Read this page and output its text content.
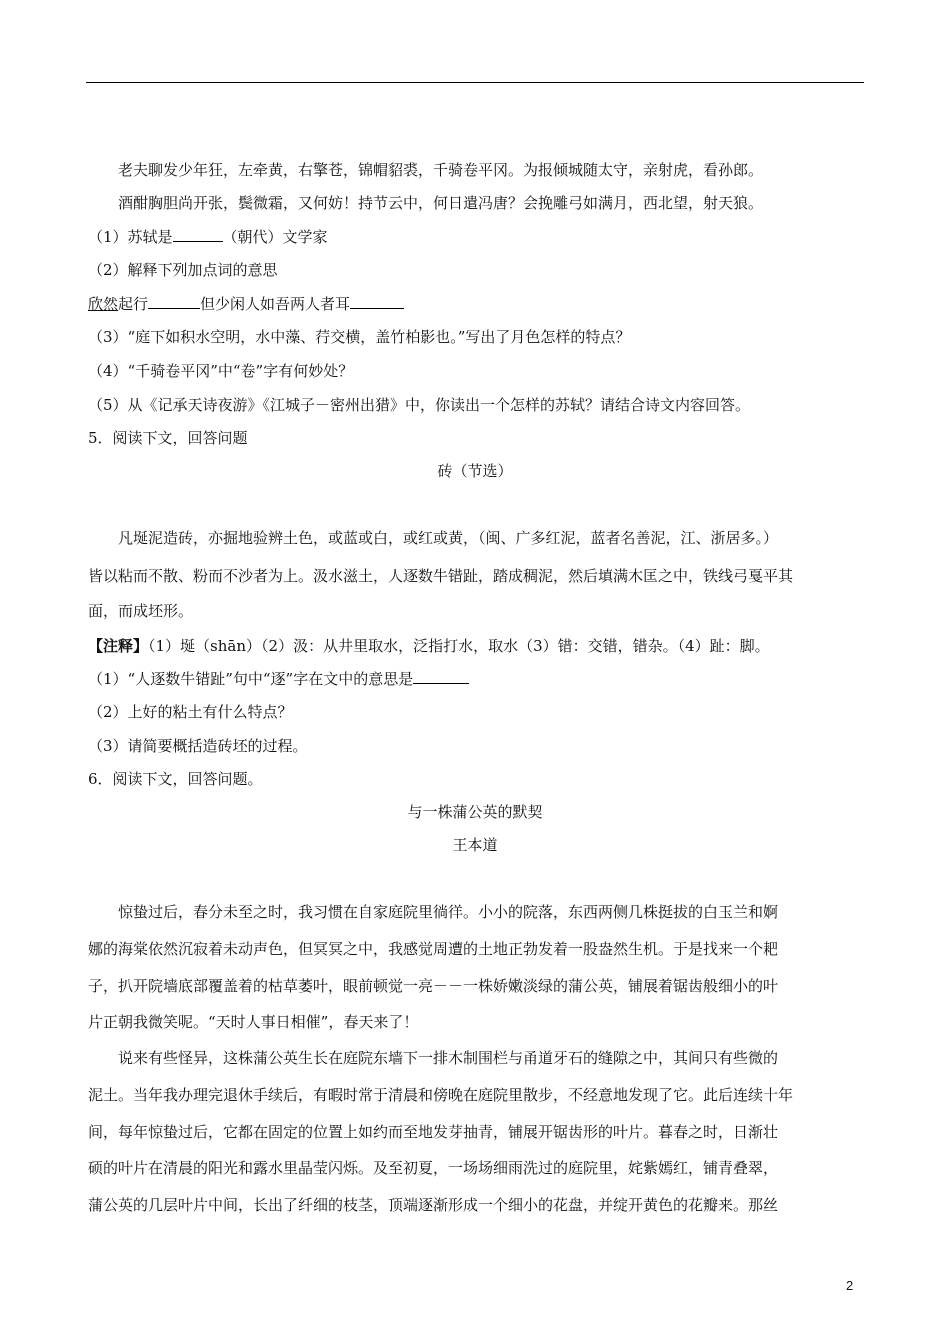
老夫聊发少年狂，左牵黄，右擎苍，锦帽貂裘，千骑卷平冈。为报倾城随太守，亲射虎，看孙郎。
酒酣胸胆尚开张，鬓微霜，又何妨！持节云中，何日遣冯唐？会挽雕弓如满月，西北望，射天狼。
（1）苏轼是	（朝代）文学家
（2）解释下列加点词的意思
欣然起行	但少闲人如吾两人者耳
（3）“庭下如积水空明，水中藻、荇交横，盖竹柏影也。”写出了月色怎样的特点？
（4）“千骑卷平冈”中“卷”字有何妙处？
（5）从《记承天诗夜游》《江城子－密州出猎》中，你读出一个怎样的苏轼？请结合诗文内容回答。
5．阅读下文，回答问题
砖（节选）
凡埏泥造砖，亦掘地验辨土色，或蓝或白，或红或黄，（闽、广多红泥，蓝者名善泥，江、浙居多。）
皆以粘而不散、粉而不沙者为上。汲水滋土，人逐数牛错趾，踏成稠泥，然后填满木匡之中，铁线弓戛平其
面，而成坯形。
【注释】（1）埏（shān）（2）汲：从井里取水，泛指打水，取水（3）错：交错，错杂。（4）趾：脚。
（1）“人逐数牛错趾”句中“逐”字在文中的意思是
（2）上好的粘土有什么特点？
（3）请简要概括造砖坯的过程。
6．阅读下文，回答问题。
与一株蒲公英的默契
王本道
惊蛰过后，春分未至之时，我习惯在自家庭院里徜徉。小小的院落，东西两侧几株挺拔的白玉兰和婀
娜的海棠依然沉寂着未动声色，但冥冥之中，我感觉周遭的土地正勃发着一股盎然生机。于是找来一个耙
子，扒开院墙底部覆盖着的枯草萎叶，眼前顿觉一亮－－一株娇嫩淡绿的蒲公英，铺展着锯齿般细小的叶
片正朝我微笑呢。“天时人事日相催”，春天来了！
说来有些怪异，这株蒲公英生长在庭院东墙下一排木制围栏与甬道牙石的缝隙之中，其间只有些微的
泥土。当年我办理完退休手续后，有暇时常于清晨和傍晚在庭院里散步，不经意地发现了它。此后连续十年
间，每年惊蛰过后，它都在固定的位置上如约而至地发芽抽青，铺展开锯齿形的叶片。暮春之时，日渐壮
硕的叶片在清晨的阳光和露水里晶莹闪烁。及至初夏，一场场细雨洗过的庭院里，姹紫嫣红，铺青叠翠，
蒲公英的几层叶片中间，长出了纤细的枝茎，顶端逐渐形成一个细小的花盘，并绽开黄色的花瓣来。那丝
2
